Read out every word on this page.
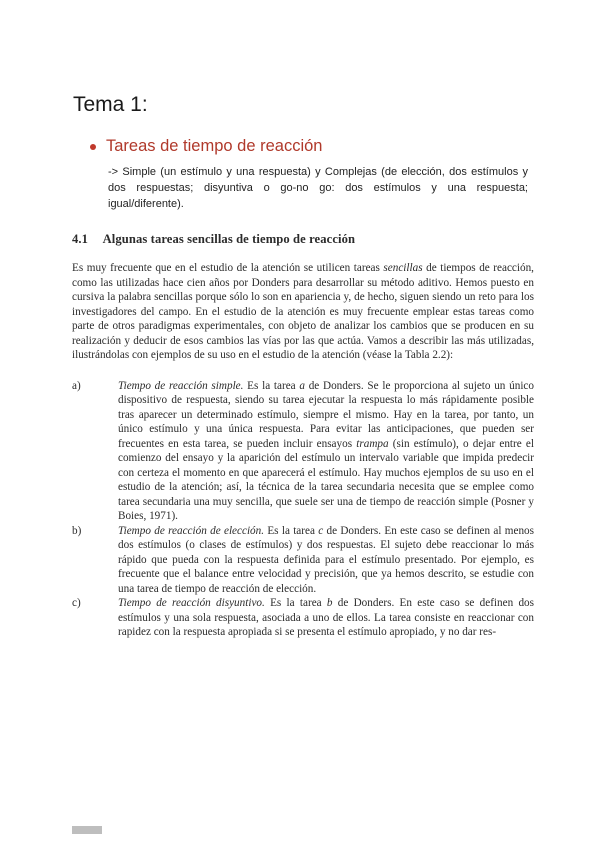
Tema 1:
Tareas de tiempo de reacción
-> Simple (un estímulo y una respuesta) y Complejas (de elección, dos estímulos y dos respuestas; disyuntiva o go-no go: dos estímulos y una respuesta; igual/diferente).
4.1 Algunas tareas sencillas de tiempo de reacción

Es muy frecuente que en el estudio de la atención se utilicen tareas sencillas de tiempos de reacción, como las utilizadas hace cien años por Donders para desarrollar su método aditivo. Hemos puesto en cursiva la palabra sencillas porque sólo lo son en apariencia y, de hecho, siguen siendo un reto para los investigadores del campo. En el estudio de la atención es muy frecuente emplear estas tareas como parte de otros paradigmas experimentales, con objeto de analizar los cambios que se producen en su realización y deducir de esos cambios las vías por las que actúa. Vamos a describir las más utilizadas, ilustrándolas con ejemplos de su uso en el estudio de la atención (véase la Tabla 2.2):

a)	Tiempo de reacción simple. Es la tarea a de Donders. Se le proporciona al sujeto un único dispositivo de respuesta, siendo su tarea ejecutar la respuesta lo más rápidamente posible tras aparecer un determinado estímulo, siempre el mismo. Hay en la tarea, por tanto, un único estímulo y una única respuesta. Para evitar las anticipaciones, que pueden ser frecuentes en esta tarea, se pueden incluir ensayos trampa (sin estímulo), o dejar entre el comienzo del ensayo y la aparición del estímulo un intervalo variable que impida predecir con certeza el momento en que aparecerá el estímulo. Hay muchos ejemplos de su uso en el estudio de la atención; así, la técnica de la tarea secundaria necesita que se emplee como tarea secundaria una muy sencilla, que suele ser una de tiempo de reacción simple (Posner y Boies, 1971).
b)	Tiempo de reacción de elección. Es la tarea c de Donders. En este caso se definen al menos dos estímulos (o clases de estímulos) y dos respuestas. El sujeto debe reaccionar lo más rápido que pueda con la respuesta definida para el estímulo presentado. Por ejemplo, es frecuente que el balance entre velocidad y precisión, que ya hemos descrito, se estudie con una tarea de tiempo de reacción de elección.
c)	Tiempo de reacción disyuntivo. Es la tarea b de Donders. En este caso se definen dos estímulos y una sola respuesta, asociada a uno de ellos. La tarea consiste en reaccionar con rapidez con la respuesta apropiada si se presenta el estímulo apropiado, y no dar res-
